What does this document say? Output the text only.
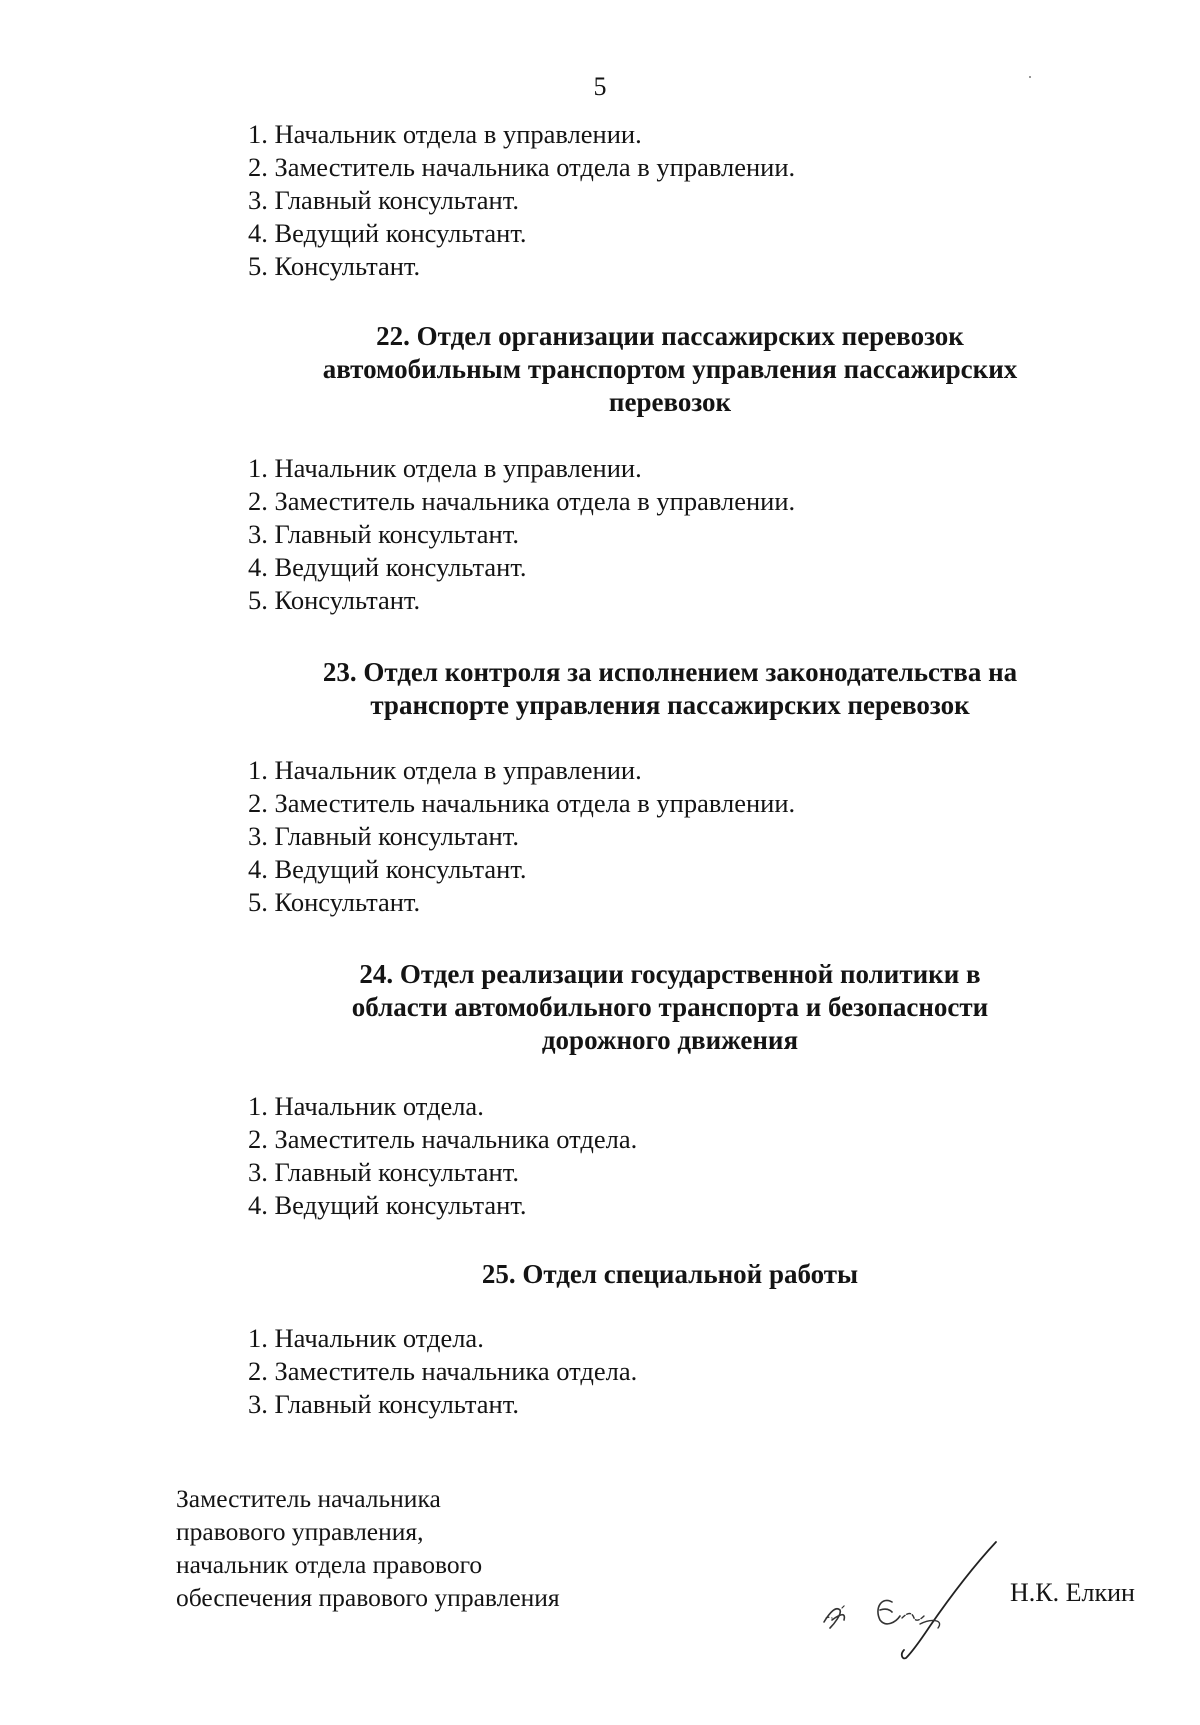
5
1. Начальник отдела в управлении.
2. Заместитель начальника отдела в управлении.
3. Главный консультант.
4. Ведущий консультант.
5. Консультант.
22. Отдел организации пассажирских перевозок
автомобильным транспортом управления пассажирских
перевозок
1. Начальник отдела в управлении.
2. Заместитель начальника отдела в управлении.
3. Главный консультант.
4. Ведущий консультант.
5. Консультант.
23. Отдел контроля за исполнением законодательства на
транспорте управления пассажирских перевозок
1. Начальник отдела в управлении.
2. Заместитель начальника отдела в управлении.
3. Главный консультант.
4. Ведущий консультант.
5. Консультант.
24. Отдел реализации государственной политики в
области автомобильного транспорта и безопасности
дорожного движения
1. Начальник отдела.
2. Заместитель начальника отдела.
3. Главный консультант.
4. Ведущий консультант.
25. Отдел специальной работы
1. Начальник отдела.
2. Заместитель начальника отдела.
3. Главный консультант.
Заместитель начальника
правового управления,
начальник отдела правового
обеспечения правового управления	Н.К. Елкин
